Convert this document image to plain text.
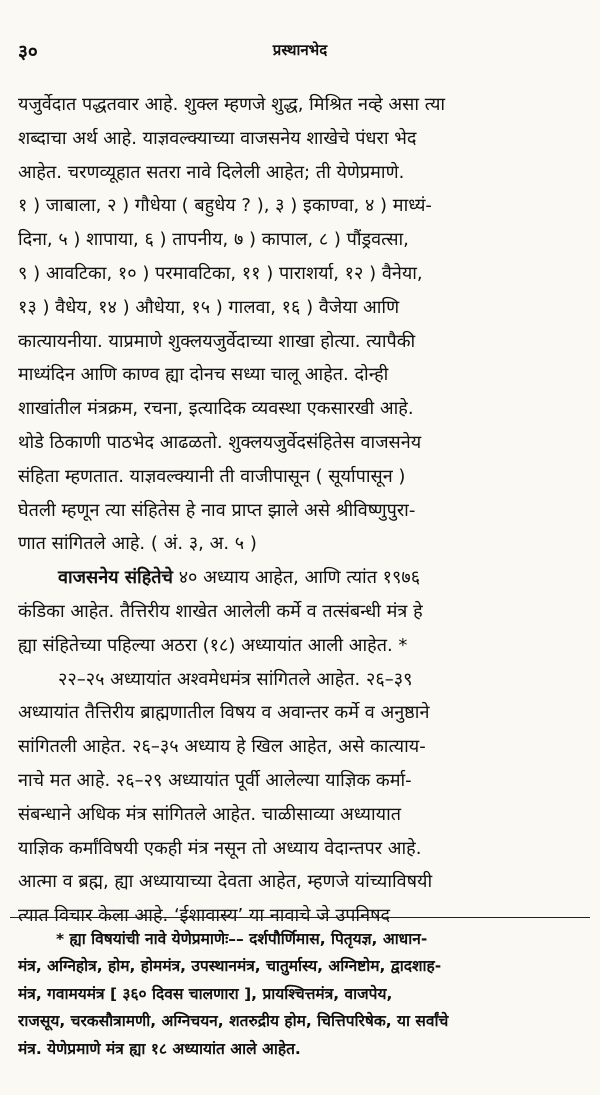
३०	प्रस्थानभेद
यजुर्वेदात पद्धतवार आहे. शुक्ल म्हणजे शुद्ध, मिश्रित नव्हे असा त्या
शब्दाचा अर्थ आहे. याज्ञवल्क्याच्या वाजसनेय शाखेचे पंधरा भेद
आहेत. चरणव्यूहात सतरा नावे दिलेली आहेत; ती येणेप्रमाणे.
१ ) जाबाला, २ ) गौधेया ( बहुधेय ? ), ३ ) इकाण्वा, ४ ) माध्यं-
दिना, ५ ) शापाया, ६ ) तापनीय, ७ ) कापाल, ८ ) पौंड्रवत्सा,
९ ) आवटिका, १० ) परमावटिका, ११ ) पाराशर्या, १२ ) वैनेया,
१३ ) वैधेय, १४ ) औधेया, १५ ) गालवा, १६ ) वैजेया आणि
कात्यायनीया. याप्रमाणे शुक्लयजुर्वेदाच्या शाखा होत्या. त्यापैकी
माध्यंदिन आणि काण्व ह्या दोनच सध्या चालू आहेत. दोन्ही
शाखांतील मंत्रक्रम, रचना, इत्यादिक व्यवस्था एकसारखी आहे.
थोडे ठिकाणी पाठभेद आढळतो. शुक्लयजुर्वेदसंहितेस वाजसनेय
संहिता म्हणतात. याज्ञवल्क्यानी ती वाजीपासून ( सूर्यापासून )
घेतली म्हणून त्या संहितेस हे नाव प्राप्त झाले असे श्रीविष्णुपुरा-
णात सांगितले आहे. ( अं. ३, अ. ५ )
वाजसनेय संहितेचे ४० अध्याय आहेत, आणि त्यांत १९७६
कंडिका आहेत. तैत्तिरीय शाखेत आलेली कर्मे व तत्संबन्धी मंत्र हे
ह्या संहितेच्या पहिल्या अठरा (१८) अध्यायांत आली आहेत. *
२२–२५ अध्यायांत अश्वमेधमंत्र सांगितले आहेत. २६–३९
अध्यायांत तैत्तिरीय ब्राह्मणातील विषय व अवान्तर कर्मे व अनुष्ठाने
सांगितली आहेत. २६–३५ अध्याय हे खिल आहेत, असे कात्याय-
नाचे मत आहे. २६–२९ अध्यायांत पूर्वी आलेल्या याज्ञिक कर्मा-
संबन्धाने अधिक मंत्र सांगितले आहेत. चाळीसाव्या अध्यायात
याज्ञिक कर्मांविषयी एकही मंत्र नसून तो अध्याय वेदान्तपर आहे.
आत्मा व ब्रह्म, ह्या अध्यायाच्या देवता आहेत, म्हणजे यांच्याविषयी
त्यात विचार केला आहे. ‘ईशावास्य’ या नावाचे जे उपनिषद
* ह्या विषयांची नावे येणेप्रमाणेः–– दर्शपौर्णिमास, पितृयज्ञ, आधान-
मंत्र, अग्निहोत्र, होम, होममंत्र, उपस्थानमंत्र, चातुर्मास्य, अग्निष्टोम, द्वादशाह-
मंत्र, गवामयमंत्र [ ३६० दिवस चालणारा ], प्रायश्चित्तमंत्र, वाजपेय,
राजसूय, चरकसौत्रामणी, अग्निचयन, शतरुद्रीय होम, चित्तिपरिषेक, या सर्वांचे
मंत्र. येणेप्रमाणे मंत्र ह्या १८ अध्यायांत आले आहेत.
